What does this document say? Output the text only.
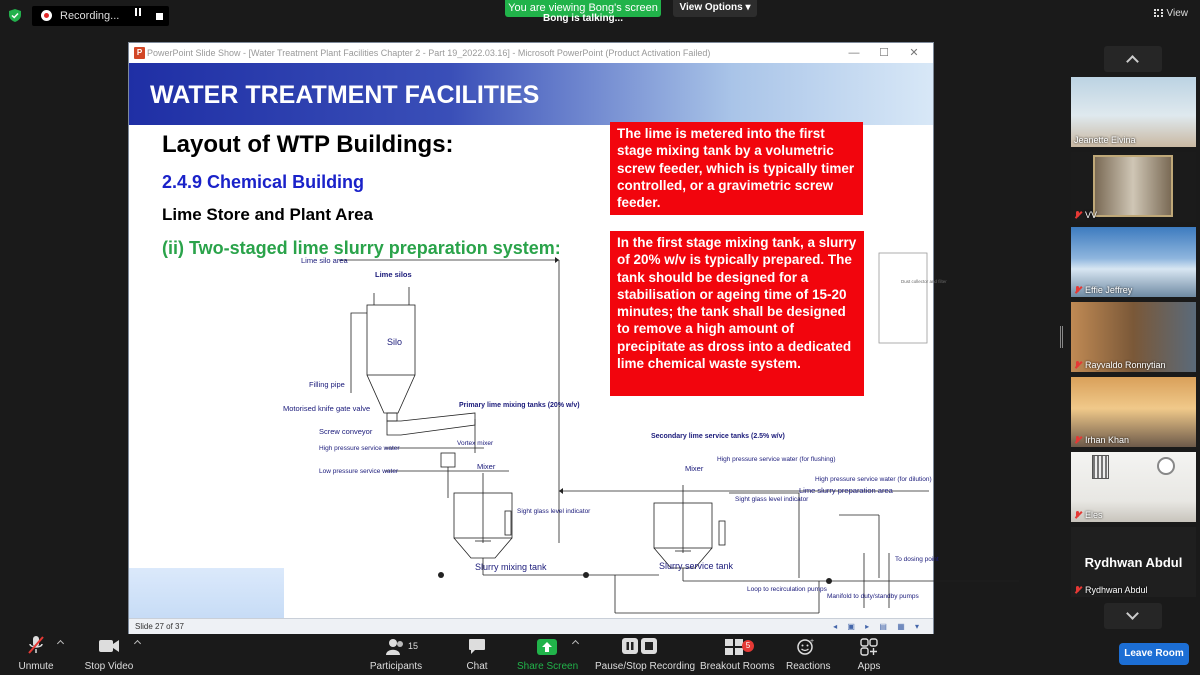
Recording...
You are viewing Bong's screen
Bong is talking...
View Options ▾
View
P PowerPoint Slide Show - [Water Treatment Plant Facilities Chapter 2 - Part 19_2022.03.16] - Microsoft PowerPoint (Product Activation Failed)	—	☐	✕
WATER TREATMENT FACILITIES
Layout of WTP Buildings:
2.4.9 Chemical Building
Lime Store and Plant Area
(ii) Two-staged lime slurry preparation system:
The lime is metered into the first stage mixing tank by a volumetric screw feeder, which is typically timer controlled, or a gravimetric screw feeder.
In the first stage mixing tank, a slurry of 20% w/v is typically prepared. The tank should be designed for a stabilisation or ageing time of 15-20 minutes; the tank shall be designed to remove a high amount of precipitate as dross into a dedicated lime chemical waste system.
Lime silo area
Lime silos
Silo
Filling pipe
Motorised knife gate valve
Screw conveyor
High pressure service water
Low pressure service water
Primary lime mixing tanks (20% w/v)
Vortex mixer
Mixer
Sight glass level indicator
Slurry mixing tank
Lime slurry preparation area
Secondary lime service tanks (2.5% w/v)
Mixer
High pressure service water (for flushing)
High pressure service water (for dilution)
Sight glass level indicator
Slurry service tank
Loop to recirculation pumps
Manifold to duty/standby pumps
To dosing point
Dust collector and filter
Slide 27 of 37	◂ ▣ ▸ ▤ ▦ ▾
Jeanette Elvina
VV
Effie Jeffrey
Rayvaldo Ronnytian
Irhan Khan
Eles
Rydhwan Abdul
Rydhwan Abdul
Unmute	Stop Video
15
Participants	Chat	Share Screen Pause/Stop Recording
5
Breakout Rooms
+
Reactions	Apps
Leave Room
